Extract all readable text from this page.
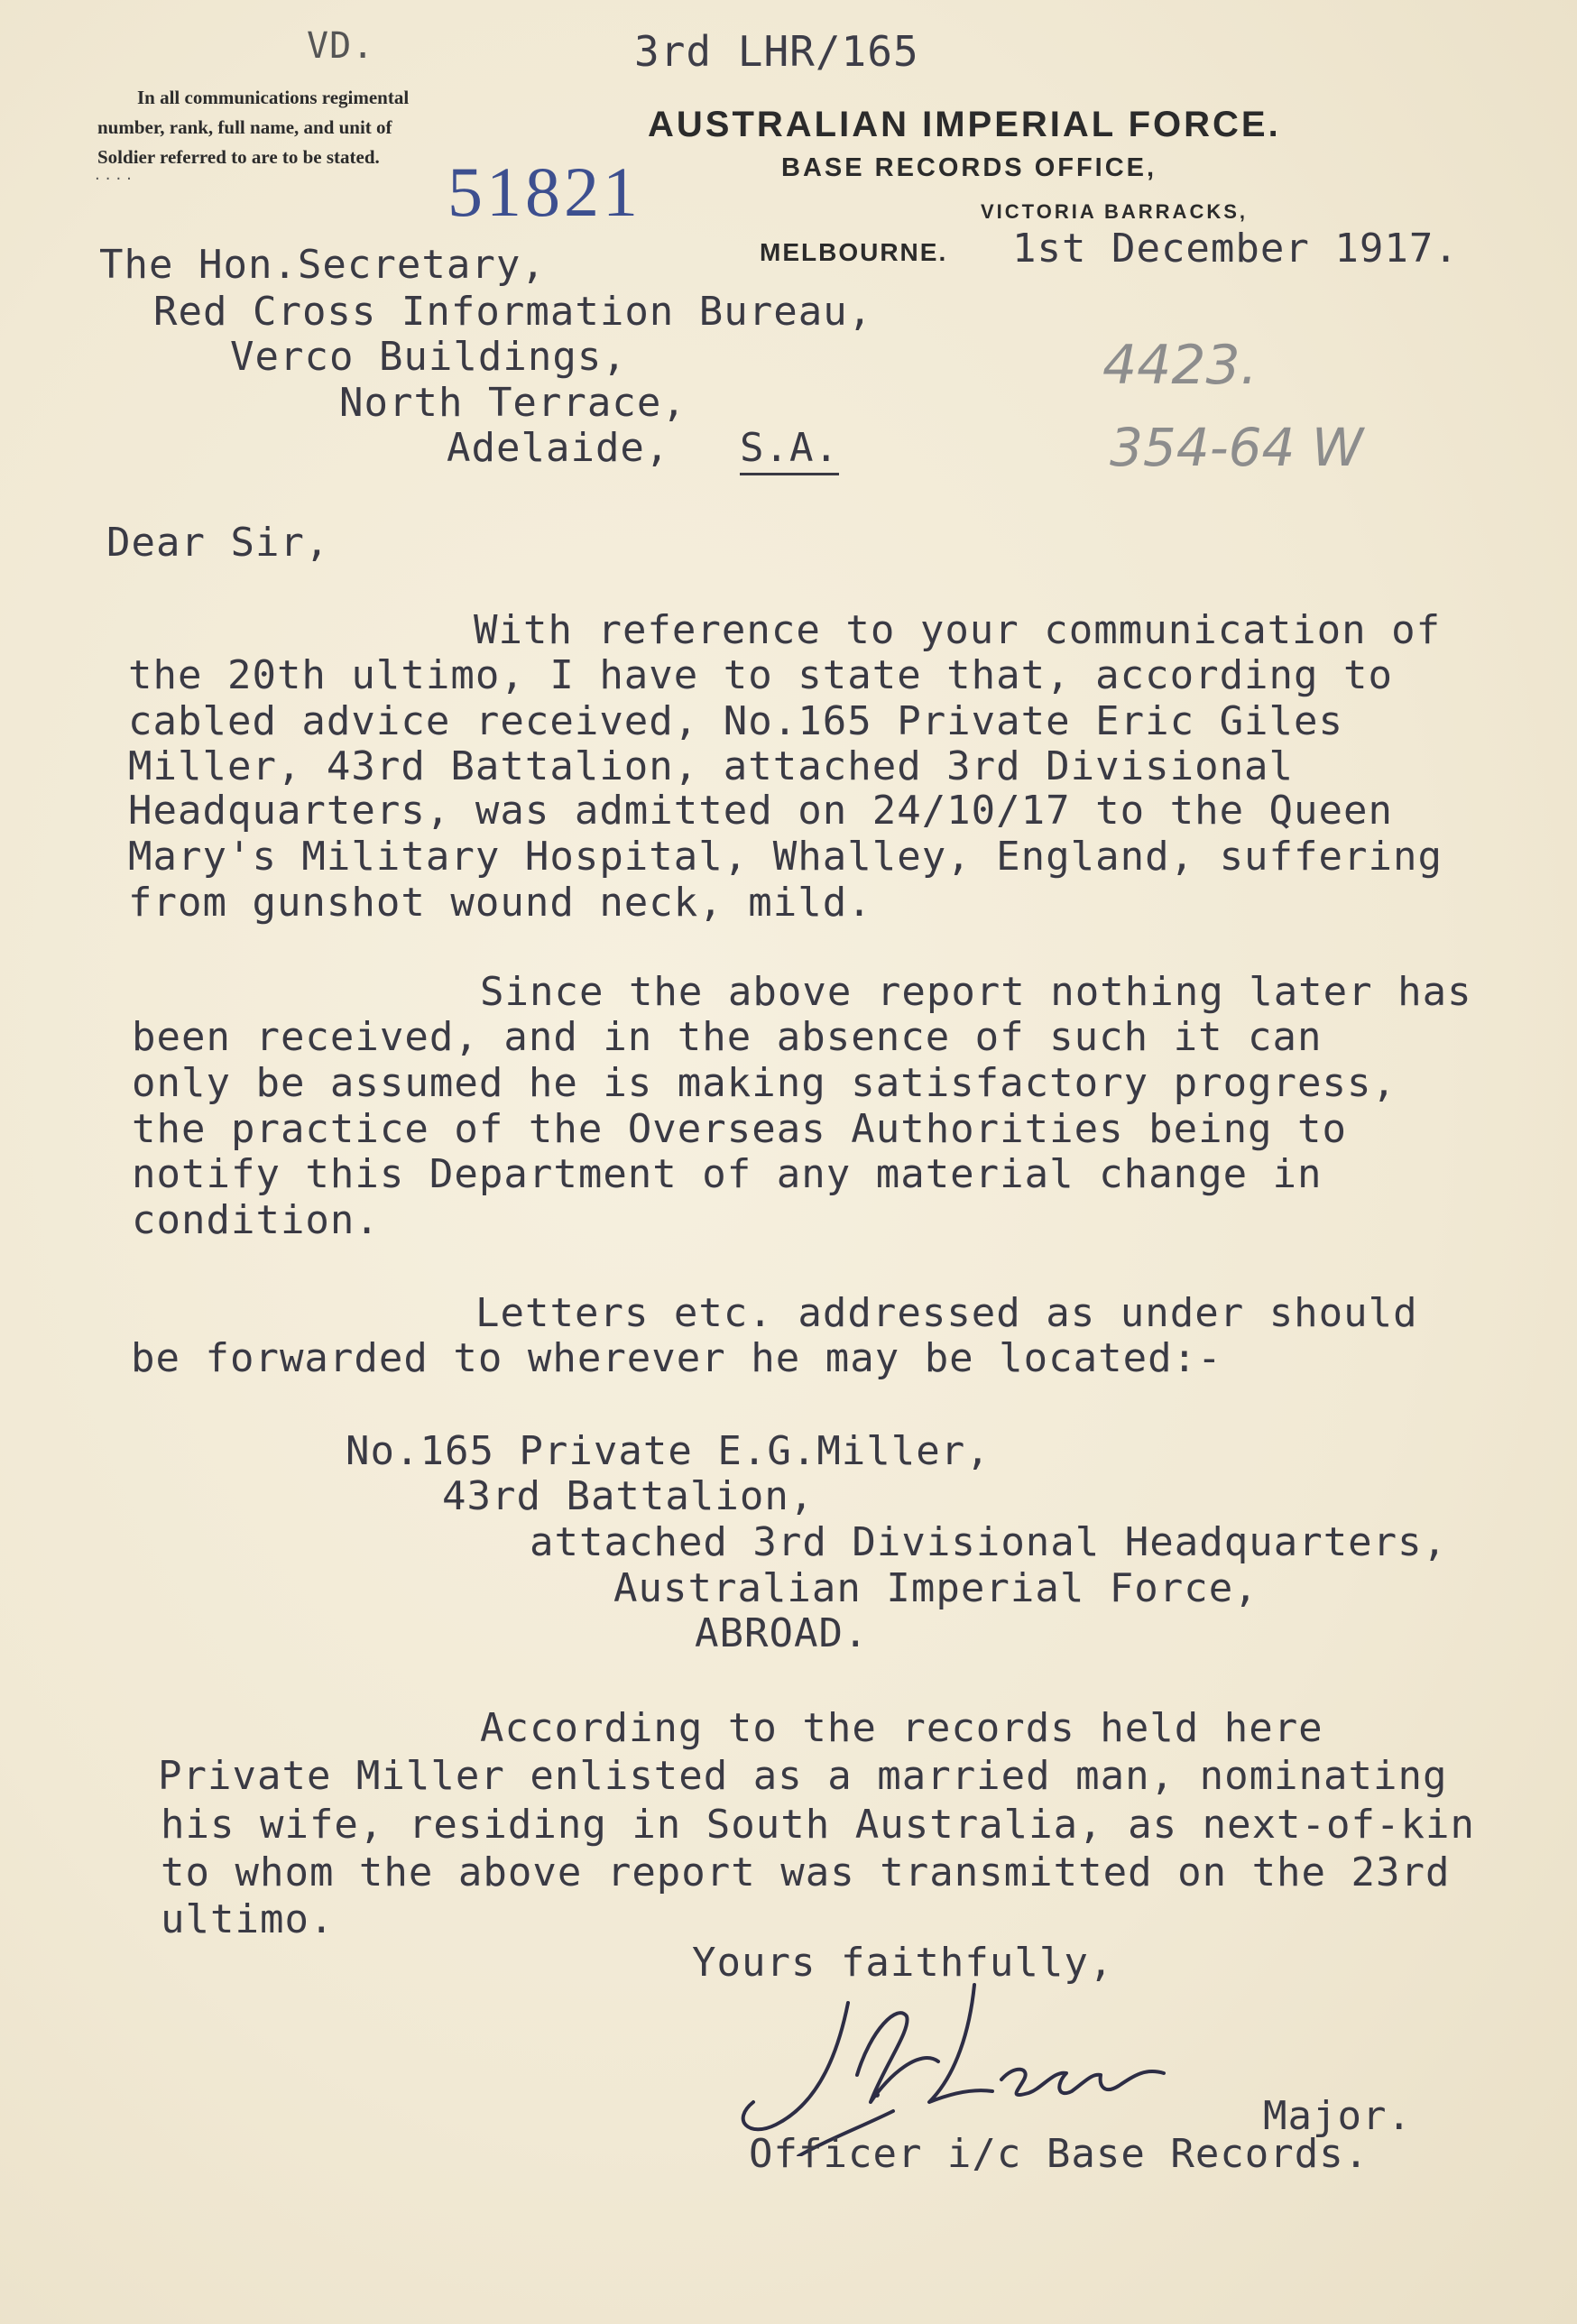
VD.	3rd LHR/165
In all communications regimental
number, rank, full name, and unit of
Soldier referred to are to be stated.
....	51821
AUSTRALIAN IMPERIAL FORCE.
BASE RECORDS OFFICE,
VICTORIA BARRACKS,
MELBOURNE. 1st December 1917.
4423.
354-64 W
The Hon.Secretary,
Red Cross Information Bureau,
Verco Buildings,
North Terrace,
Adelaide, S.A.
Dear Sir,
With reference to your communication of
the 20th ultimo, I have to state that, according to
cabled advice received, No.165 Private Eric Giles
Miller, 43rd Battalion, attached 3rd Divisional
Headquarters, was admitted on 24/10/17 to the Queen
Mary's Military Hospital, Whalley, England, suffering
from gunshot wound neck, mild.
Since the above report nothing later has
been received, and in the absence of such it can
only be assumed he is making satisfactory progress,
the practice of the Overseas Authorities being to
notify this Department of any material change in
condition.
Letters etc. addressed as under should
be forwarded to wherever he may be located:-
No.165 Private E.G.Miller,
43rd Battalion,
attached 3rd Divisional Headquarters,
Australian Imperial Force,
ABROAD.
According to the records held here
Private Miller enlisted as a married man, nominating
his wife, residing in South Australia, as next-of-kin
to whom the above report was transmitted on the 23rd
ultimo.
Yours faithfully,
Major.
Officer i/c Base Records.
